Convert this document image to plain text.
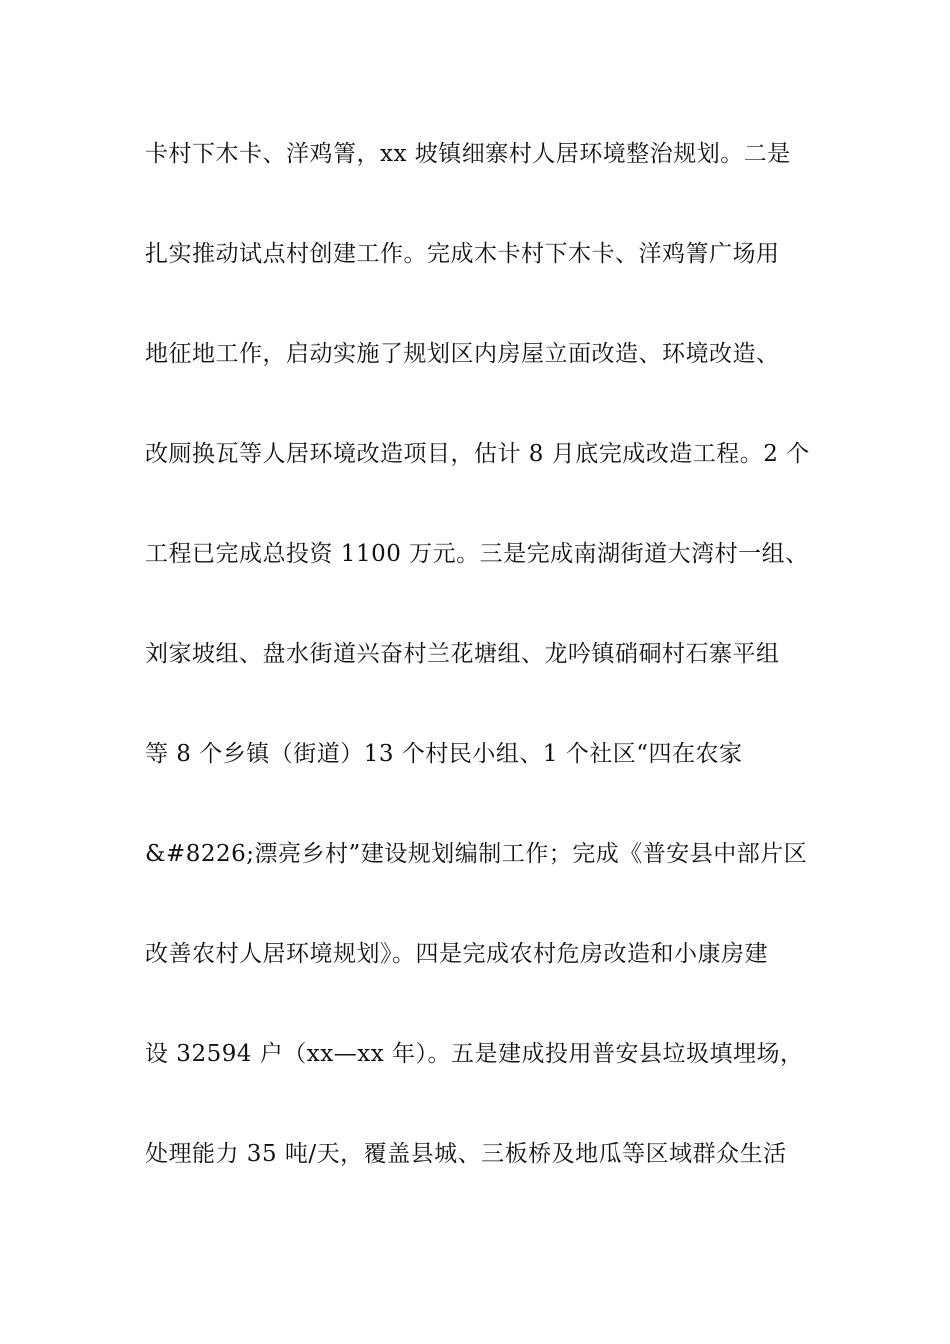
卡村下木卡、洋鸡箐，xx 坡镇细寨村人居环境整治规划。二是
扎实推动试点村创建工作。完成木卡村下木卡、洋鸡箐广场用
地征地工作，启动实施了规划区内房屋立面改造、环境改造、
改厕换瓦等人居环境改造项目，估计 8 月底完成改造工程。2 个
工程已完成总投资 1100 万元。三是完成南湖街道大湾村一组、
刘家坡组、盘水街道兴奋村兰花塘组、龙吟镇硝硐村石寨平组
等 8 个乡镇（街道）13 个村民小组、1 个社区“四在农家
&#8226;漂亮乡村”建设规划编制工作；完成《普安县中部片区
改善农村人居环境规划》。四是完成农村危房改造和小康房建
设 32594 户（xx—xx 年）。五是建成投用普安县垃圾填埋场，
处理能力 35 吨/天，覆盖县城、三板桥及地瓜等区域群众生活
